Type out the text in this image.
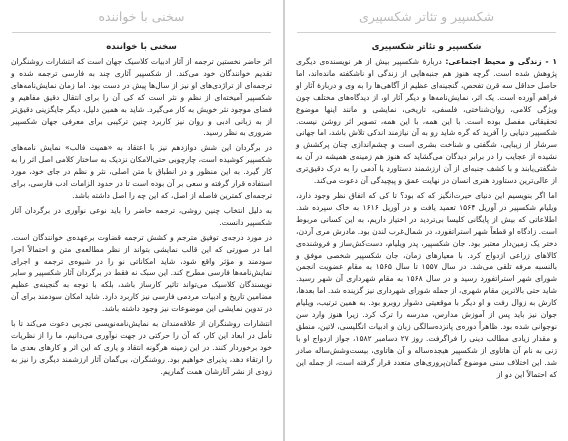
سخنی با خواننده
سخنی با خواننده

اثر حاضر نخستین ترجمه از آثار ادبیات کلاسیک جهان است که انتشارات روشنگران تقدیم خوانندگان خود می‌کند. از شکسپیر آثاری چند به فارسی ترجمه شده و ترجمه‌ای از تراژدی‌های او نیز از سال‌ها پیش در دست بود. اما زمان نمایش‌نامه‌های شکسپیر آمیخته‌ای از نظم و نثر است که کی آن را برای انتقال دقیق مفاهیم و فضای موجود نثر خویش به کار می‌گیرد. شاید به همین دلیل، دیگر جایگزینی دقیق‌تر از به زبانی ادبی و روان نیز کاربرد چنین ترکیبی برای معرفی جهان شکسپیر ضروری به نظر رسید.

در برگردان این شش دوازدهم نیز با اعتقاد به «همیت فالب» نمایش نامه‌های شکسپیر کوشیده است، چارچوبی حتی‌الامکان نزدیک به ساختار کلامی اصل اثر را به کار گیرد. به این منظور و در انطباق با متن اصلی، نثر و نظم در جای خود، مورد استفاده قرار گرفته و سعی بر آن بوده است تا در حدود الزامات ادب فارسی، برای ترجمه‌ای کمترین فاصله از اصل، که این چه را اصل داشته باشد.

به دلیل انتخاب چنین روشی، ترجمه حاضر را باید نوعی نوآوری در برگردان آثار شکسپیر دانست.

در مورد درجه‌ی توفیق مترجم و کشش ترجمه قضاوت برعهده‌ی خوانندگان است. اما در صورتی که این قالب نمایشی بتواند از نظر مطالعه‌ی متن و احتمالاً اجرا سودمند و مؤثر واقع شود، شاید امکاناتی نو را در شیوه‌ی ترجمه و اجرای نمایش‌نامه‌ها فارسی مطرح کند. این سبک نه فقط در برگردان آثار شکسپیر و سایر نویسندگان کلاسیک می‌تواند تاثیر کارساز باشد، بلکه با توجه به گنجینه‌ی عظیم مضامین تاریخ و ادبیات مردمی فارسی نیز کاربرد دارد. شاید امکان سودمند برای آن در تدوین نمایشی این موضوعات نیز وجود داشته باشد.

انتشارات روشنگران از علاقه‌مندان به نمایش‌نامه‌نویسی تجربی دعوت می‌کند تا با تأمل در ابعاد این کار، که آن را حرکتی در جهت نوآوری می‌دانیم، ما را از نظریات خود برخوردار کنند. در این زمینه هرگونه انتقاد و یاری که این اثر و کارهای بعدی ما را ارتقاء دهد، پذیرای خواهیم بود. روشنگران، بی‌گمان آثار ارزشمند دیگری را نیز به زودی از نشر آثارشان همت گماریم.

شکسپیر و تئاتر شکسپیری
شکسپیر و تئاتر شکسپیری

۱ - زندگی و محیط اجتماعی: دربارهٔ شکسپیر بیش از هر نویسنده‌ی دیگری پژوهش شده است. گرچه هنوز هم جنبه‌هایی از زندگی او ناشکفته مانده‌اند، اما حاصل حداقل سه قرن تفحص، گنجینه‌ای عظیم از آگاهی‌ها را به وی و دربارهٔ آثار او فراهم آورده است. یک اثر، نمایش‌نامه‌ها و دیگر آثار او، از دیدگاه‌های مختلف چون ویژگی کلامی، روان‌شناختی، فلسفی، تاریخی، نمایشی و مانند اینها موضوع تحقیقاتی مفصل بوده است. با این همه، با این همه، تصویر اثر روشن نیست. شکسپیر دنیایی را آفرید که گره شاید رو به آن نیازمند اندکی تلاش باشد، اما جهانی سرشار از زیبایی، شگفتی و شناخت بشری است و چشم‌اندازی چنان پرکشش و نشیده از عجایب را در برابر دیدگان می‌گشاید که هنوز هم زمینه‌ی همیشه در آن به شگفتی‌یابند و با کشف جنبه‌ای از آن ارزشمند دستاورد یا آدمی را به درک دقیق‌تری از عالی‌ترین دستاورد هنری انسان در نهایت عمق و پیچیدگی آن دعوت می‌کند.

اما اگر بنویسیم این دنیای حیرت‌انگیز که که بود؟ تا کی که اتفاق نظر وجود دارد، ویلیام شکسپیر در آوریل ۱۵۶۴ تعمید یافت و در آوریل ۱۶۱۶ به خاک سپرده شد. اطلاعاتی که بیش از پایگانی کلیسا بی‌تردید در اختیار داریم، به این کسانی مربوط است. زادگاه او قطعاً شهر استراتفورد، در شمال‌غرب لندن بود. مادرش مری آردن، دختر یک زمین‌دار معتبر بود. جان شکسپیر، پدر ویلیام، دست‌کش‌ساز و فروشنده‌ی کالاهای زراعی ازدواج کرد. با معیارهای زمان، جان شکسپیر شخصی موفق و بالنسبه مرفه تلقی می‌شد. در سال ۱۵۵۷ تا سال ۱۵۶۵ به مقام عضویت انجمن شورای شهر استراتفورد رسید و در سال ۱۵۶۸ به مقام شهرداری آن شهر رسید. شاید حتی بالاترین مقام شهری، از جمله شورای شهرداری نیز گزینده شد. اما بعدها، کارش به زوال رفت و او دیگر با موقعیتی دشوار روبرو بود. به همین ترتیب، ویلیام جوان نیز باید پس از آموزش مدارس، مدرسه را ترک کرد. زیرا هنوز وارد سن نوجوانی شده بود. ظاهراً دوره‌ی پانزده‌سالگی زبان و ادبیات انگلیسی، لاتین، منطق و مقدار زیادی مطالب دینی را فراگرفت. روز ۲۷ دسامبر ۱۵۸۲، جواز ازدواج او با زنی به نام آن هاتاوی از شکسپیر هیجده‌ساله و آن هاتاوی، بیست‌وشش‌ساله صادر شد. این اختلاف سنی موضوع گمان‌پروری‌های متعدد قرار گرفته است، از جمله این که احتمالاً این دو از
